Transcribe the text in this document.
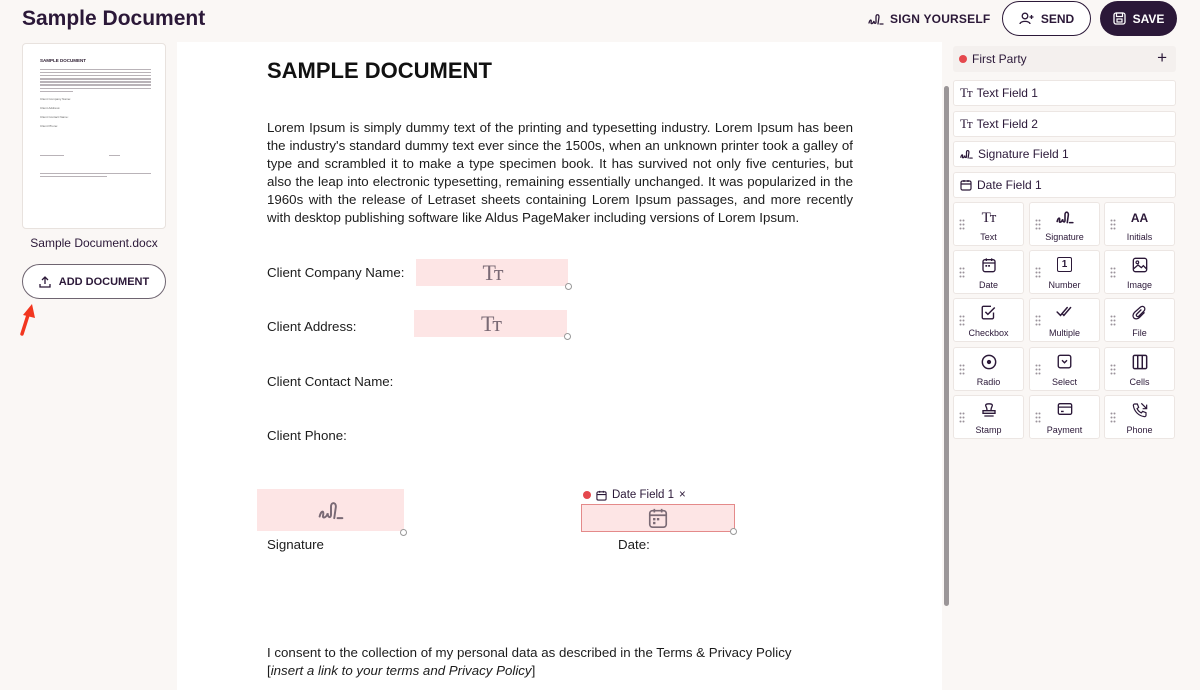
Sample Document	SIGN YOURSELF	SEND	SAVE
SAMPLE DOCUMENT
Client Company Name:
Client Address:
Client Contact Name:
Client Phone:
Sample Document.docx
ADD DOCUMENT
SAMPLE DOCUMENT
Lorem Ipsum is simply dummy text of the printing and typesetting industry. Lorem Ipsum has been the industry's standard dummy text ever since the 1500s, when an unknown printer took a galley of type and scrambled it to make a type specimen book. It has survived not only five centuries, but also the leap into electronic typesetting, remaining essentially unchanged. It was popularized in the 1960s with the release of Letraset sheets containing Lorem Ipsum passages, and more recently with desktop publishing software like Aldus PageMaker including versions of Lorem Ipsum.
Client Company Name:	Tт
Client Address:	Tт
Client Contact Name:
Client Phone:
Signature
Date Field 1 ×
Date:
I consent to the collection of my personal data as described in the Terms & Privacy Policy
[insert a link to your terms and Privacy Policy]
First Party	+
Tт Text Field 1
Tт Text Field 2
Signature Field 1
Date Field 1
Tт
Text	Signature
AA
Initials
Date
1
Number	Image
Checkbox	Multiple	File
Radio	Select	Cells
Stamp	Payment	Phone
